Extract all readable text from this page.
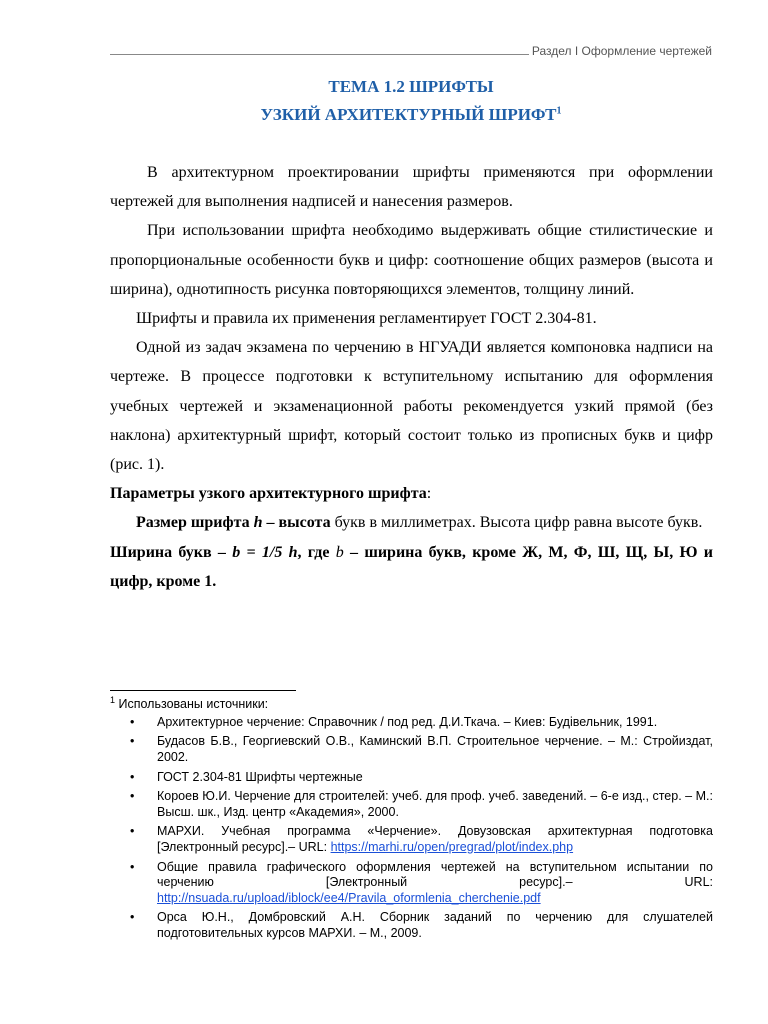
Раздел I Оформление чертежей
ТЕМА 1.2 ШРИФТЫ
УЗКИЙ АРХИТЕКТУРНЫЙ ШРИФТ$^1$

В архитектурном проектировании шрифты применяются при оформлении чертежей для выполнения надписей и нанесения размеров.

При использовании шрифта необходимо выдерживать общие стилистические и пропорциональные особенности букв и цифр: соотношение общих размеров (высота и ширина), однотипность рисунка повторяющихся элементов, толщину линий.

Шрифты и правила их применения регламентирует ГОСТ 2.304-81.

Одной из задач экзамена по черчению в НГУАДИ является компоновка надписи на чертеже. В процессе подготовки к вступительному испытанию для оформления учебных чертежей и экзаменационной работы рекомендуется узкий прямой (без наклона) архитектурный шрифт, который состоит только из прописных букв и цифр (рис. 1).

Параметры узкого архитектурного шрифта:

Размер шрифта h – высота букв в миллиметрах. Высота цифр равна высоте букв.

Ширина букв – b = 1/5 h, где b – ширина букв, кроме Ж, М, Ф, Ш, Щ, Ы, Ю и цифр, кроме 1.

$^1$ Использованы источники:
• Архитектурное черчение: Справочник / под ред. Д.И.Ткача. – Киев: Будівельник, 1991.
• Будасов Б.В., Георгиевский О.В., Каминский В.П. Строительное черчение. – М.: Стройиздат, 2002.
• ГОСТ 2.304-81 Шрифты чертежные
• Короев Ю.И. Черчение для строителей: учеб. для проф. учеб. заведений. – 6-е изд., стер. – М.: Высш. шк., Изд. центр «Академия», 2000.
• МАРХИ. Учебная программа «Черчение». Довузовская архитектурная подготовка [Электронный ресурс].– URL: https://marhi.ru/open/pregrad/plot/index.php
• Общие правила графического оформления чертежей на вступительном испытании по черчению [Электронный ресурс].– URL: http://nsuada.ru/upload/iblock/ee4/Pravila_oformlenia_cherchenie.pdf
• Орса Ю.Н., Домбровский А.Н. Сборник заданий по черчению для слушателей подготовительных курсов МАРХИ. – М., 2009.
